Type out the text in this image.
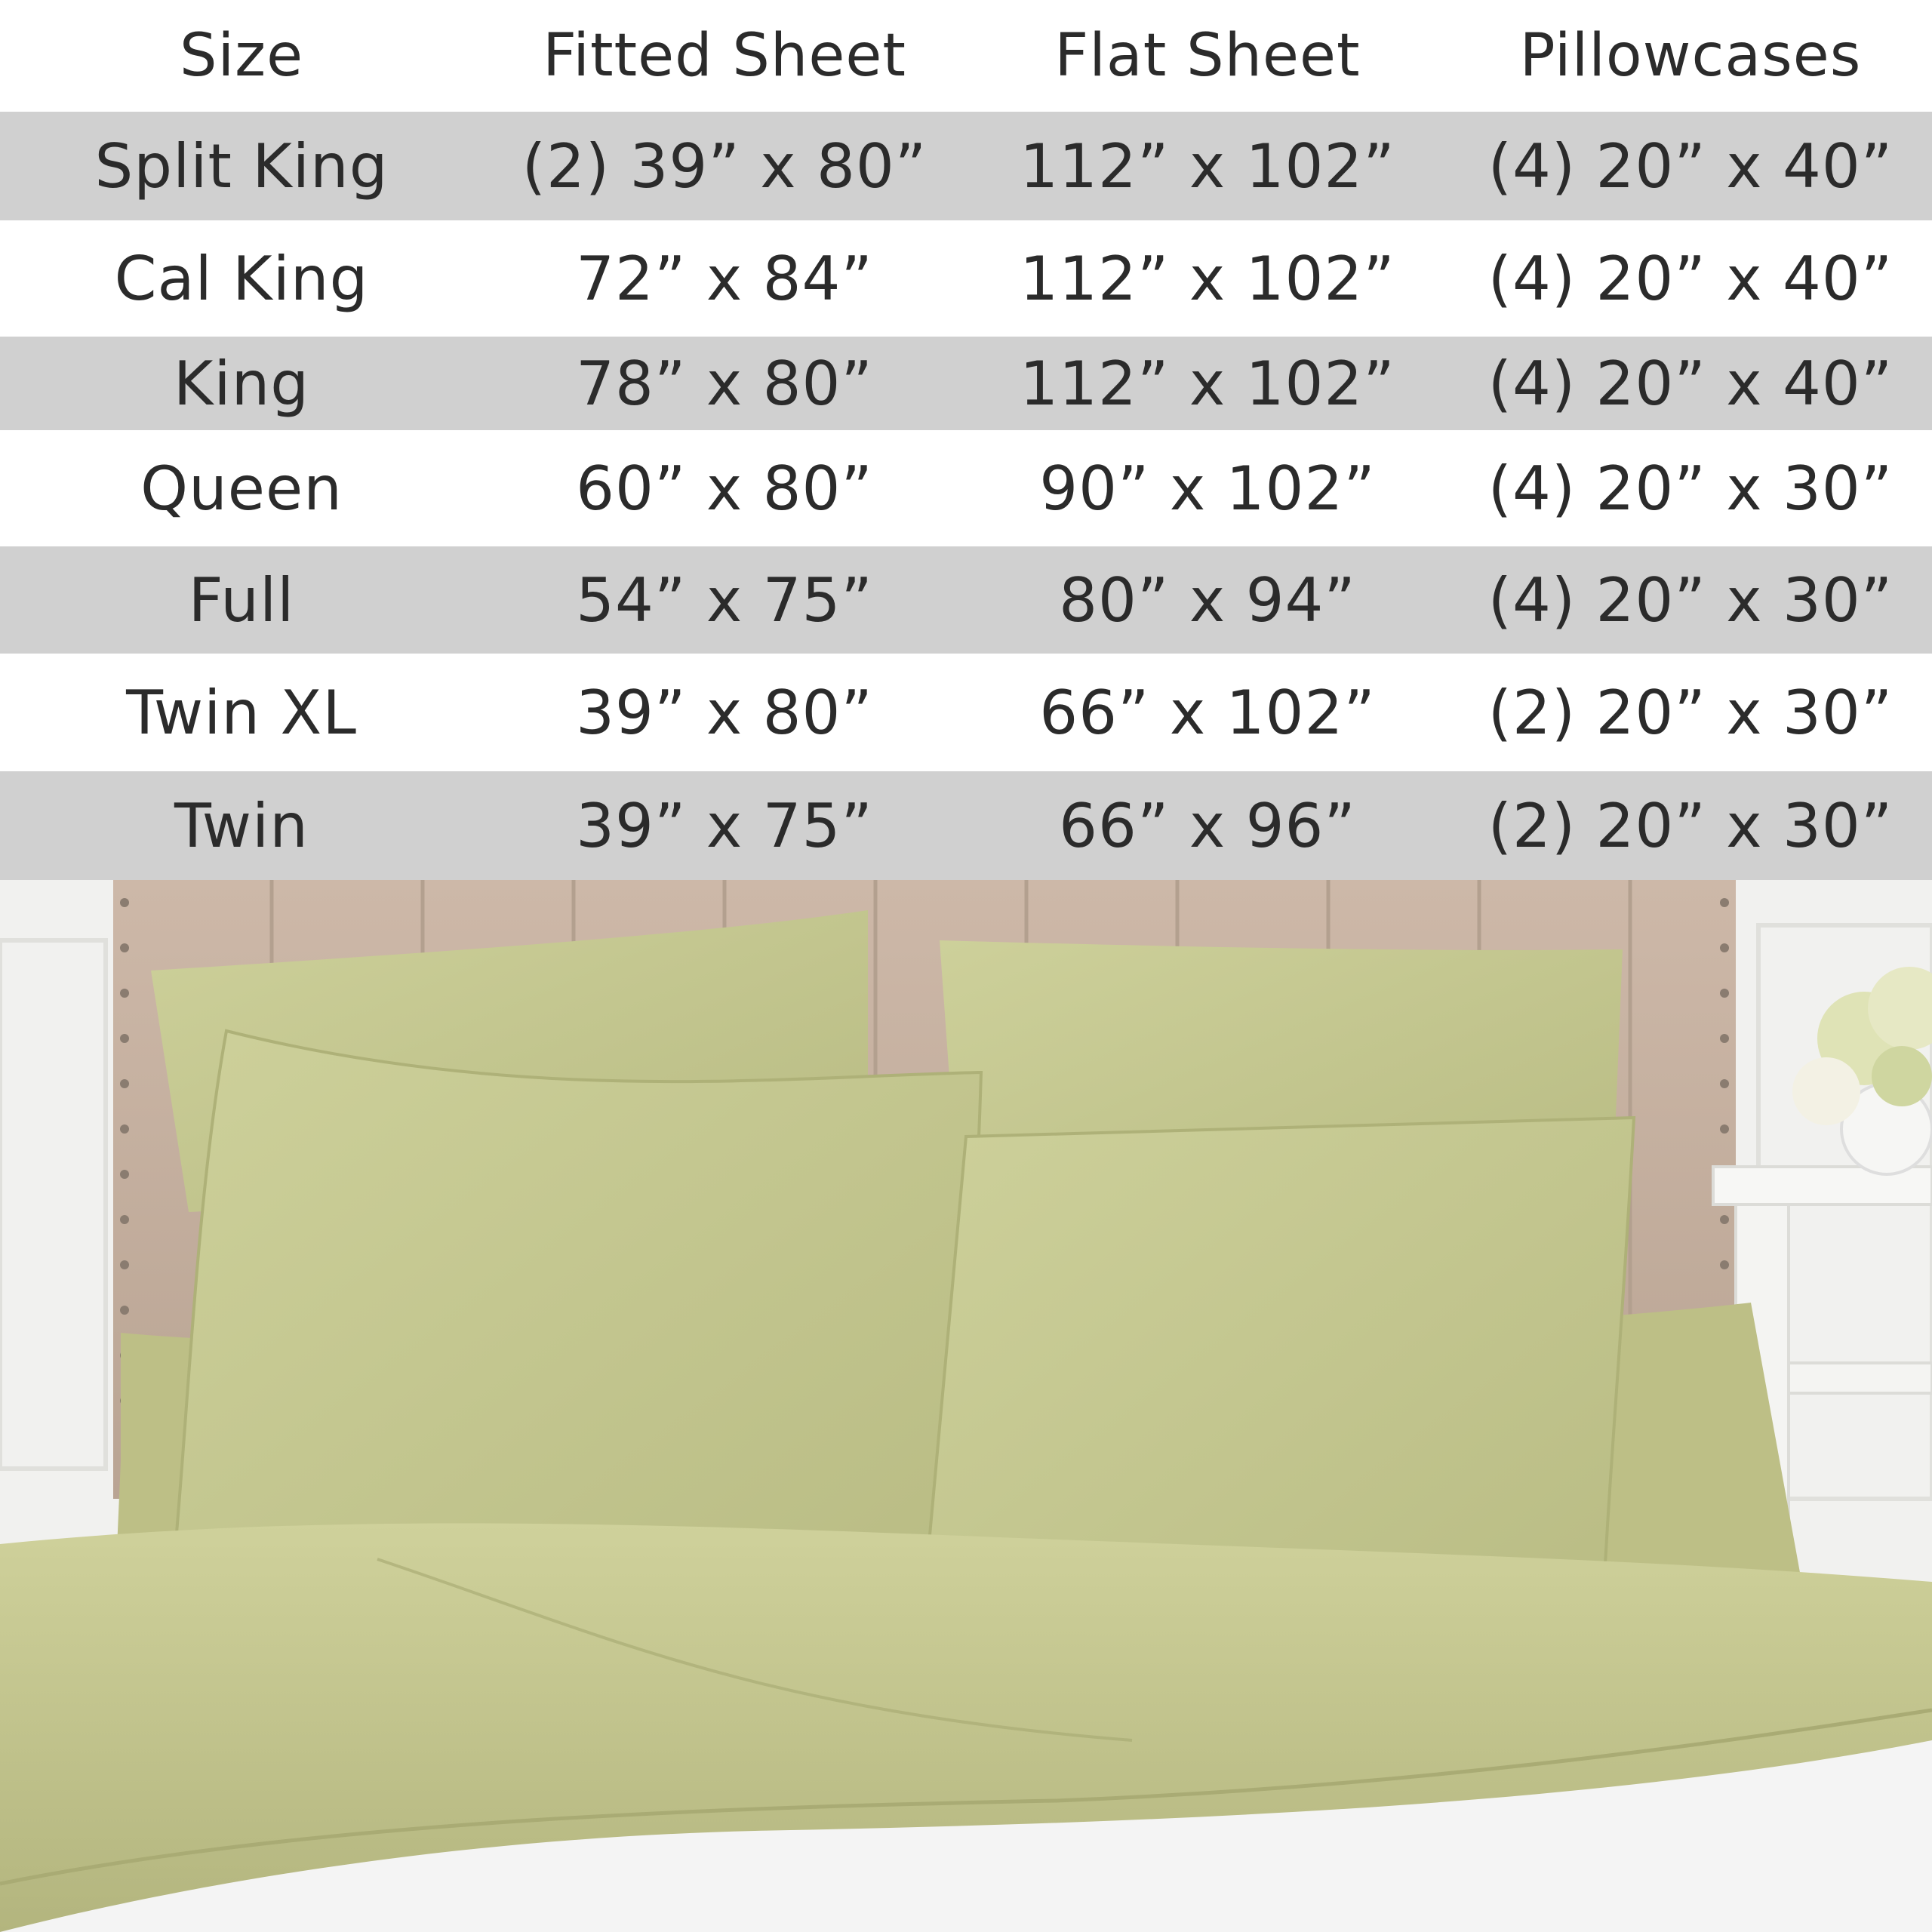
Size	Fitted Sheet	Flat Sheet	Pillowcases
Split King	(2) 39” x 80”	112” x 102”	(4) 20” x 40”
Cal King	72” x 84”	112” x 102”	(4) 20” x 40”
King	78” x 80”	112” x 102”	(4) 20” x 40”
Queen	60” x 80”	90” x 102”	(4) 20” x 30”
Full	54” x 75”	80” x 94”	(4) 20” x 30”
Twin XL	39” x 80”	66” x 102”	(2) 20” x 30”
Twin	39” x 75”	66” x 96”	(2) 20” x 30”
